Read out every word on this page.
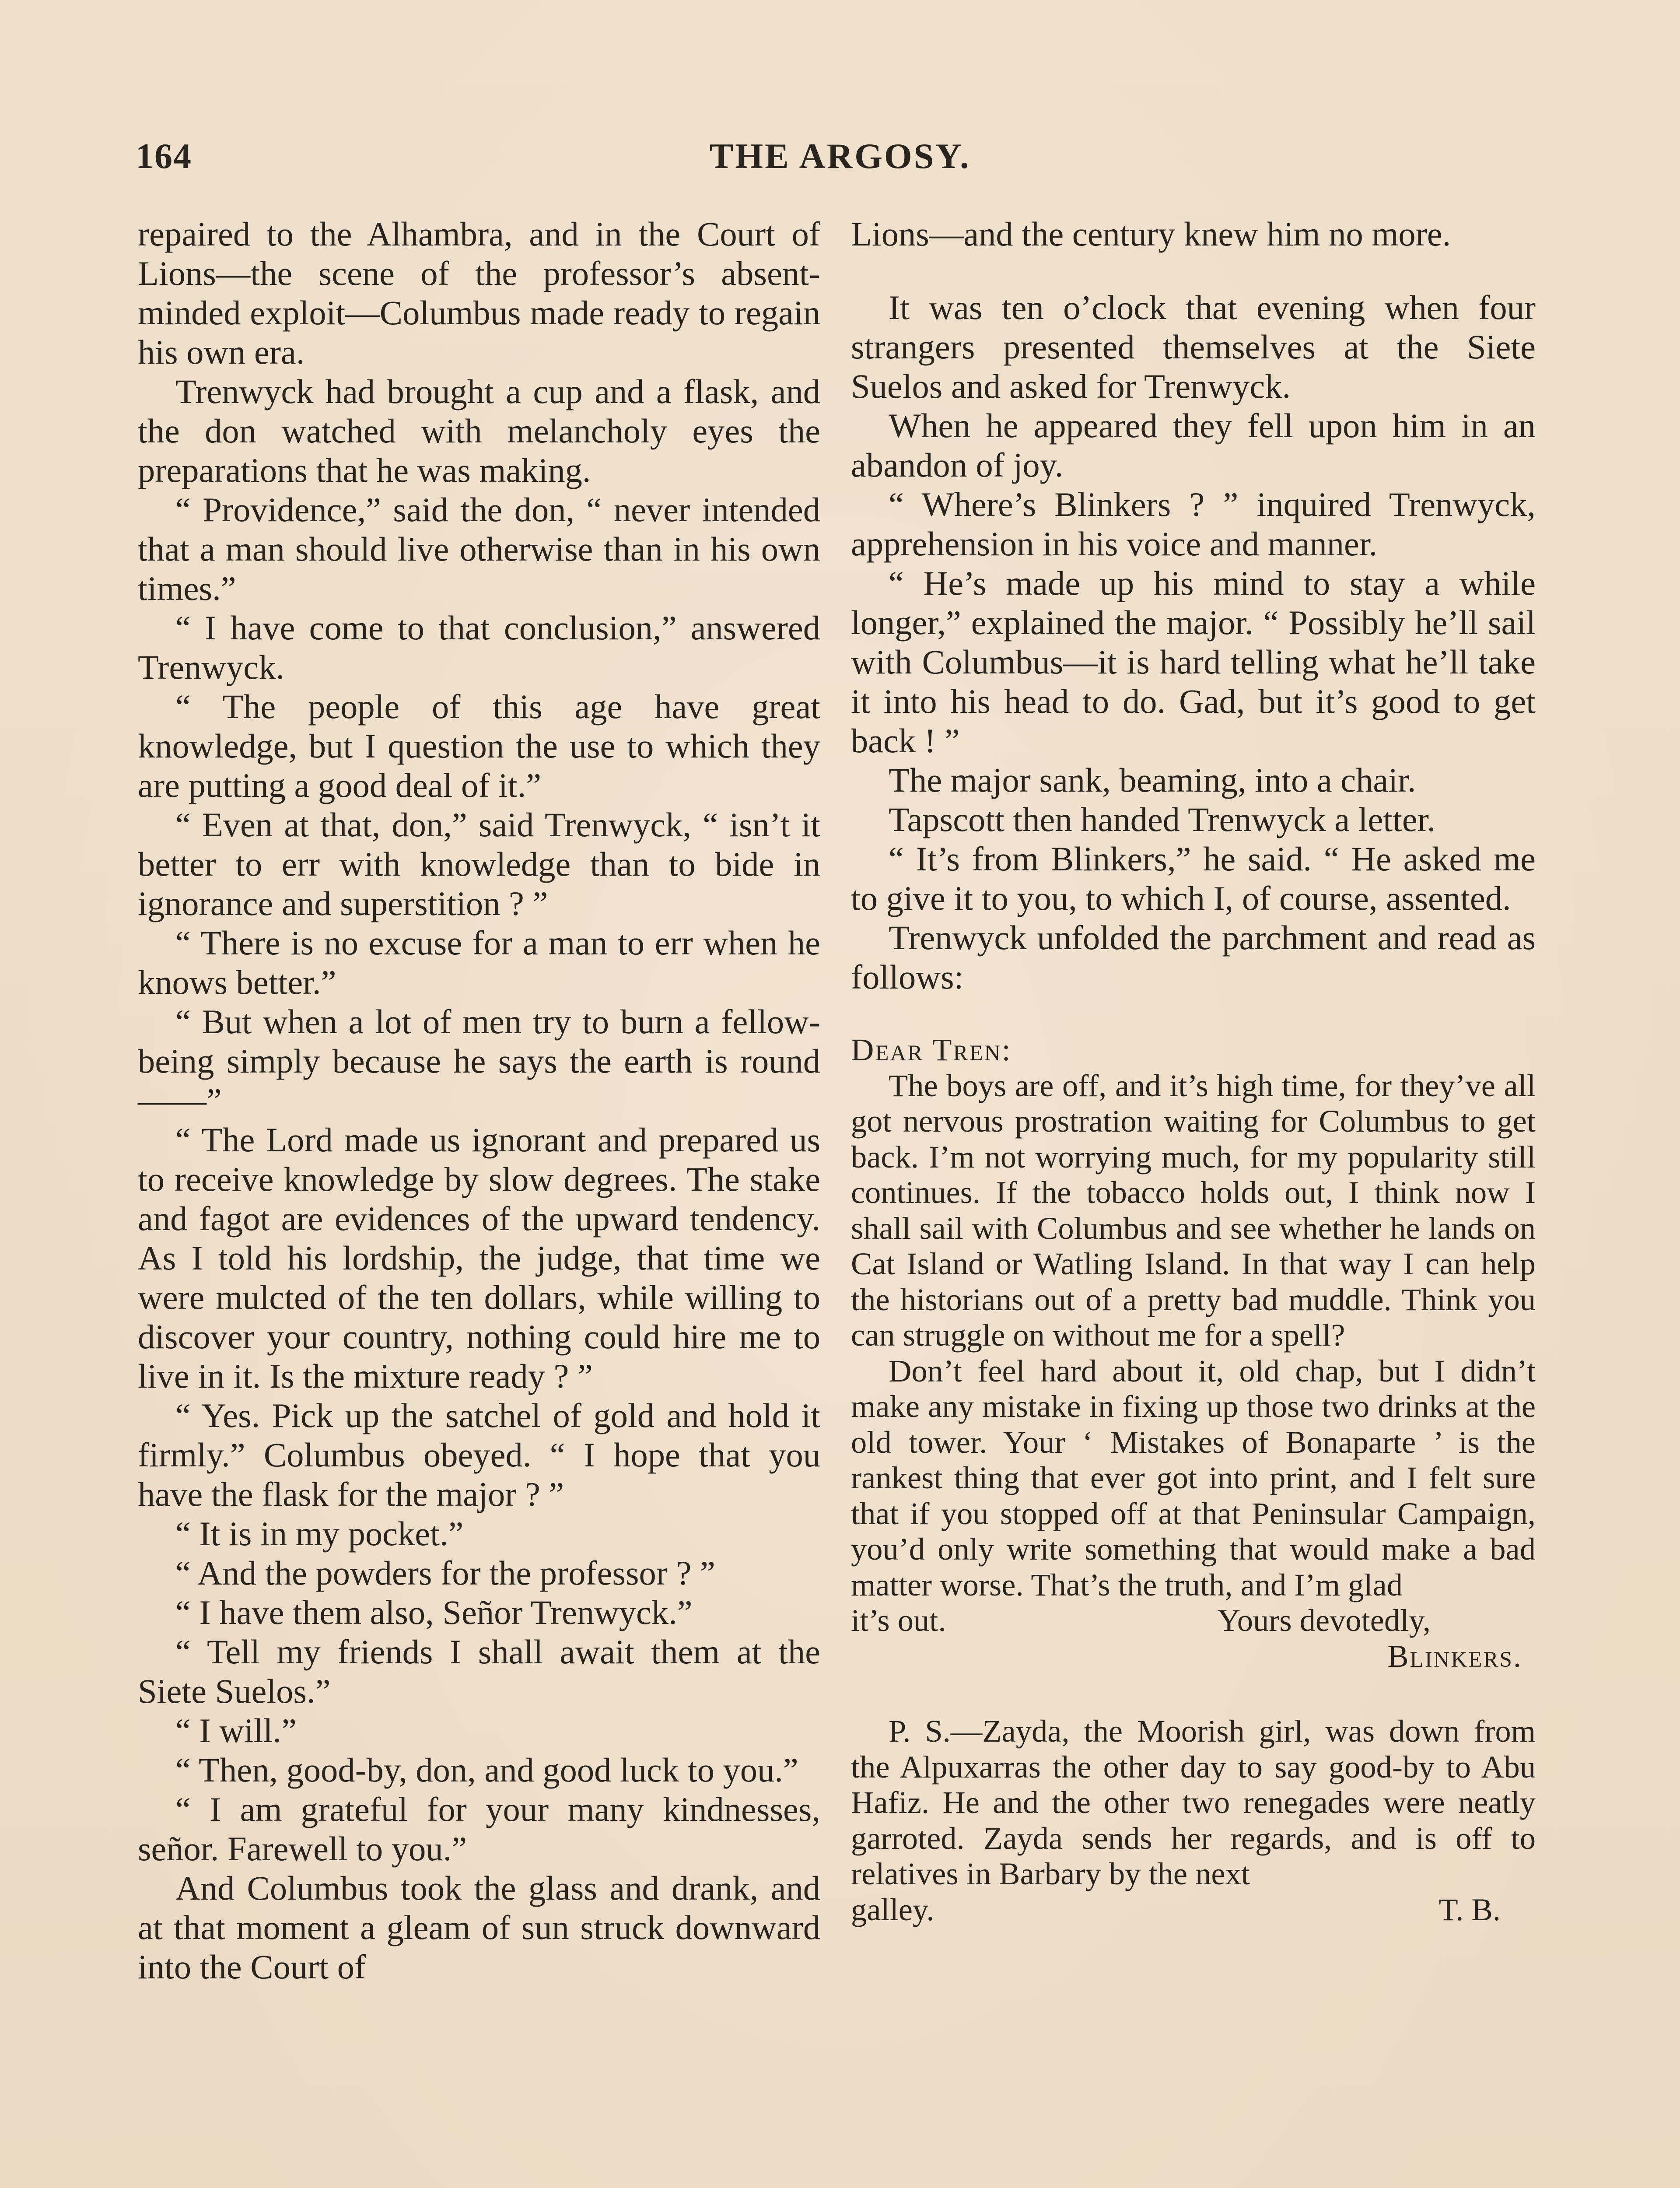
164	THE ARGOSY.

repaired to the Alhambra, and in the Court of Lions—the scene of the professor’s absent-minded exploit—Columbus made ready to regain his own era.

Trenwyck had brought a cup and a flask, and the don watched with melancholy eyes the preparations that he was making.

“ Providence,” said the don, “ never intended that a man should live otherwise than in his own times.”

“ I have come to that conclusion,” answered Trenwyck.

“ The people of this age have great knowledge, but I question the use to which they are putting a good deal of it.”

“ Even at that, don,” said Trenwyck, “ isn’t it better to err with knowledge than to bide in ignorance and superstition ? ”

“ There is no excuse for a man to err when he knows better.”

“ But when a lot of men try to burn a fellow-being simply because he says the earth is round——”

“ The Lord made us ignorant and prepared us to receive knowledge by slow degrees. The stake and fagot are evidences of the upward tendency. As I told his lordship, the judge, that time we were mulcted of the ten dollars, while willing to discover your country, nothing could hire me to live in it. Is the mixture ready ? ”

“ Yes. Pick up the satchel of gold and hold it firmly.” Columbus obeyed. “ I hope that you have the flask for the major ? ”

“ It is in my pocket.”

“ And the powders for the professor ? ”

“ I have them also, Señor Trenwyck.”

“ Tell my friends I shall await them at the Siete Suelos.”

“ I will.”

“ Then, good-by, don, and good luck to you.”

“ I am grateful for your many kindnesses, señor. Farewell to you.”

And Columbus took the glass and drank, and at that moment a gleam of sun struck downward into the Court of

Lions—and the century knew him no more.

It was ten o’clock that evening when four strangers presented themselves at the Siete Suelos and asked for Trenwyck.

When he appeared they fell upon him in an abandon of joy.

“ Where’s Blinkers ? ” inquired Trenwyck, apprehension in his voice and manner.

“ He’s made up his mind to stay a while longer,” explained the major. “ Possibly he’ll sail with Columbus—it is hard telling what he’ll take it into his head to do. Gad, but it’s good to get back ! ”

The major sank, beaming, into a chair.

Tapscott then handed Trenwyck a letter.

“ It’s from Blinkers,” he said. “ He asked me to give it to you, to which I, of course, assented.

Trenwyck unfolded the parchment and read as follows:

Dear Tren:

The boys are off, and it’s high time, for they’ve all got nervous prostration waiting for Columbus to get back. I’m not worrying much, for my popularity still continues. If the tobacco holds out, I think now I shall sail with Columbus and see whether he lands on Cat Island or Watling Island. In that way I can help the historians out of a pretty bad muddle. Think you can struggle on without me for a spell?

Don’t feel hard about it, old chap, but I didn’t make any mistake in fixing up those two drinks at the old tower. Your ‘ Mistakes of Bonaparte ’ is the rankest thing that ever got into print, and I felt sure that if you stopped off at that Peninsular Campaign, you’d only write something that would make a bad matter worse. That’s the truth, and I’m glad

it’s out.	Yours devotedly,
Blinkers.

P. S.—Zayda, the Moorish girl, was down from the Alpuxarras the other day to say good-by to Abu Hafiz. He and the other two renegades were neatly garroted. Zayda sends her regards, and is off to relatives in Barbary by the next

galley.	T. B.
